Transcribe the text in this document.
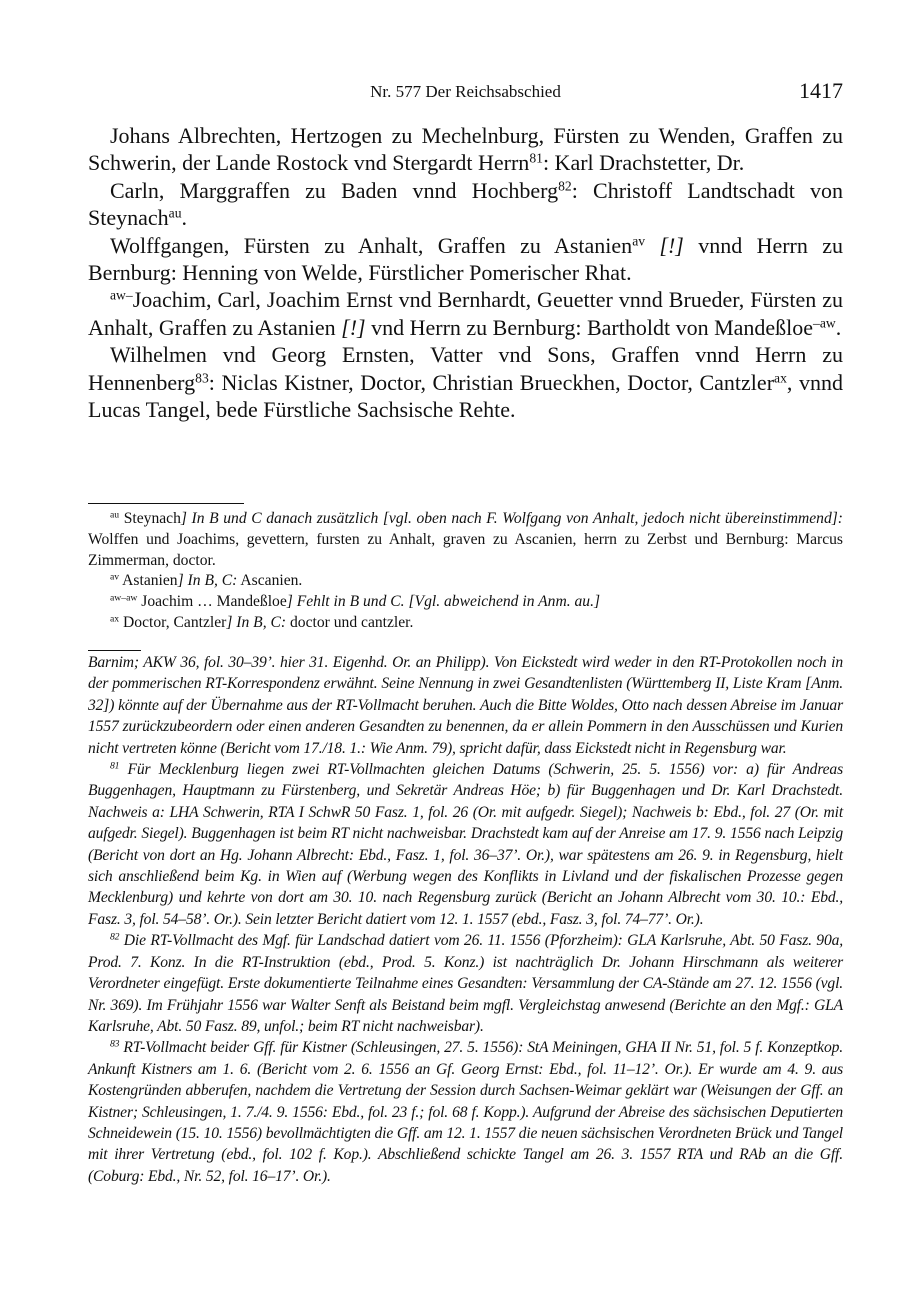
Nr. 577 Der Reichsabschied	1417

Johans Albrechten, Hertzogen zu Mechelnburg, Fürsten zu Wenden, Graffen zu Schwerin, der Lande Rostock vnd Stergardt Herrn$^{81}$: Karl Drachstetter, Dr.

Carln, Marggraffen zu Baden vnnd Hochberg$^{82}$: Christoff Landtschadt von Steynach$^{au}$.

Wolffgangen, Fürsten zu Anhalt, Graffen zu Astanien$^{av}$ [!] vnnd Herrn zu Bernburg: Henning von Welde, Fürstlicher Pomerischer Rhat.

$^{aw-}$Joachim, Carl, Joachim Ernst vnd Bernhardt, Geuetter vnnd Brueder, Fürsten zu Anhalt, Graffen zu Astanien [!] vnd Herrn zu Bernburg: Bartholdt von Mandeßloe$^{-aw}$.

Wilhelmen vnd Georg Ernsten, Vatter vnd Sons, Graffen vnnd Herrn zu Hennenberg$^{83}$: Niclas Kistner, Doctor, Christian Brueckhen, Doctor, Cantzler$^{ax}$, vnnd Lucas Tangel, bede Fürstliche Sachsische Rehte.

$^{au}$ Steynach] In B und C danach zusätzlich [vgl. oben nach F. Wolfgang von Anhalt, jedoch nicht übereinstimmend]: Wolffen und Joachims, gevettern, fursten zu Anhalt, graven zu Ascanien, herrn zu Zerbst und Bernburg: Marcus Zimmerman, doctor.

$^{av}$ Astanien] In B, C: Ascanien.

$^{aw-aw}$ Joachim … Mandeßloe] Fehlt in B und C. [Vgl. abweichend in Anm. au.]

$^{ax}$ Doctor, Cantzler] In B, C: doctor und cantzler.

Barnim; AKW 36, fol. 30–39’. hier 31. Eigenhd. Or. an Philipp). Von Eickstedt wird weder in den RT-Protokollen noch in der pommerischen RT-Korrespondenz erwähnt. Seine Nennung in zwei Gesandtenlisten (Württemberg II, Liste Kram [Anm. 32]) könnte auf der Übernahme aus der RT-Vollmacht beruhen. Auch die Bitte Woldes, Otto nach dessen Abreise im Januar 1557 zurückzubeordern oder einen anderen Gesandten zu benennen, da er allein Pommern in den Ausschüssen und Kurien nicht vertreten könne (Bericht vom 17./18. 1.: Wie Anm. 79), spricht dafür, dass Eickstedt nicht in Regensburg war.

$^{81}$ Für Mecklenburg liegen zwei RT-Vollmachten gleichen Datums (Schwerin, 25. 5. 1556) vor: a) für Andreas Buggenhagen, Hauptmann zu Fürstenberg, und Sekretär Andreas Höe; b) für Buggenhagen und Dr. Karl Drachstedt. Nachweis a: LHA Schwerin, RTA I SchwR 50 Fasz. 1, fol. 26 (Or. mit aufgedr. Siegel); Nachweis b: Ebd., fol. 27 (Or. mit aufgedr. Siegel). Buggenhagen ist beim RT nicht nachweisbar. Drachstedt kam auf der Anreise am 17. 9. 1556 nach Leipzig (Bericht von dort an Hg. Johann Albrecht: Ebd., Fasz. 1, fol. 36–37’. Or.), war spätestens am 26. 9. in Regensburg, hielt sich anschließend beim Kg. in Wien auf (Werbung wegen des Konflikts in Livland und der fiskalischen Prozesse gegen Mecklenburg) und kehrte von dort am 30. 10. nach Regensburg zurück (Bericht an Johann Albrecht vom 30. 10.: Ebd., Fasz. 3, fol. 54–58’. Or.). Sein letzter Bericht datiert vom 12. 1. 1557 (ebd., Fasz. 3, fol. 74–77’. Or.).

$^{82}$ Die RT-Vollmacht des Mgf. für Landschad datiert vom 26. 11. 1556 (Pforzheim): GLA Karlsruhe, Abt. 50 Fasz. 90a, Prod. 7. Konz. In die RT-Instruktion (ebd., Prod. 5. Konz.) ist nachträglich Dr. Johann Hirschmann als weiterer Verordneter eingefügt. Erste dokumentierte Teilnahme eines Gesandten: Versammlung der CA-Stände am 27. 12. 1556 (vgl. Nr. 369). Im Frühjahr 1556 war Walter Senft als Beistand beim mgfl. Vergleichstag anwesend (Berichte an den Mgf.: GLA Karlsruhe, Abt. 50 Fasz. 89, unfol.; beim RT nicht nachweisbar).

$^{83}$ RT-Vollmacht beider Gff. für Kistner (Schleusingen, 27. 5. 1556): StA Meiningen, GHA II Nr. 51, fol. 5 f. Konzeptkop. Ankunft Kistners am 1. 6. (Bericht vom 2. 6. 1556 an Gf. Georg Ernst: Ebd., fol. 11–12’. Or.). Er wurde am 4. 9. aus Kostengründen abberufen, nachdem die Vertretung der Session durch Sachsen-Weimar geklärt war (Weisungen der Gff. an Kistner; Schleusingen, 1. 7./4. 9. 1556: Ebd., fol. 23 f.; fol. 68 f. Kopp.). Aufgrund der Abreise des sächsischen Deputierten Schneidewein (15. 10. 1556) bevollmächtigten die Gff. am 12. 1. 1557 die neuen sächsischen Verordneten Brück und Tangel mit ihrer Vertretung (ebd., fol. 102 f. Kop.). Abschließend schickte Tangel am 26. 3. 1557 RTA und RAb an die Gff. (Coburg: Ebd., Nr. 52, fol. 16–17’. Or.).
